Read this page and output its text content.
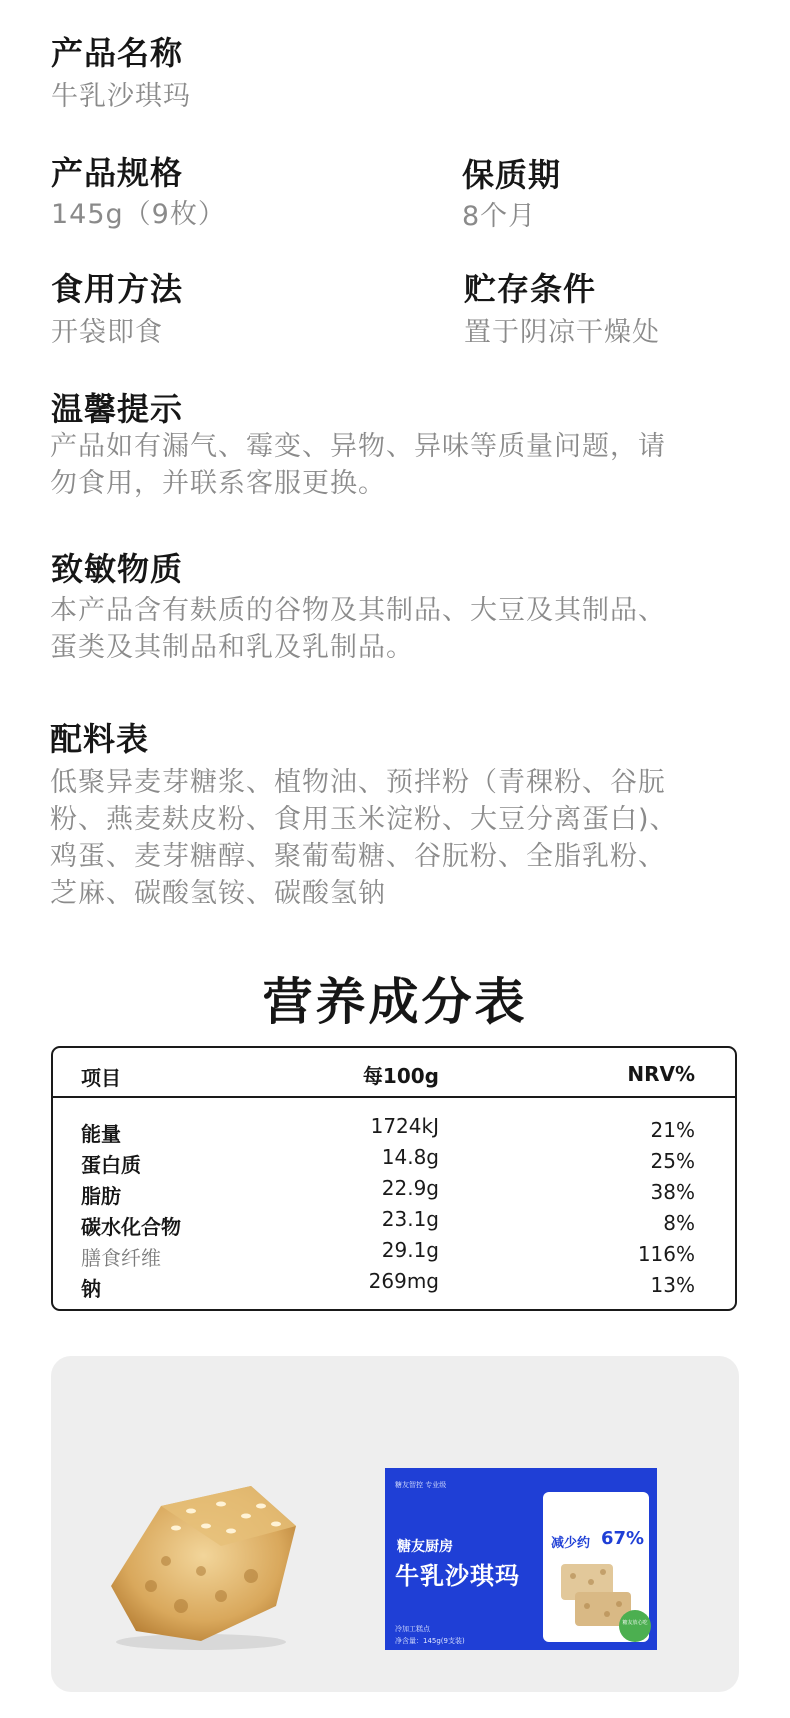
产品名称
牛乳沙琪玛
产品规格
145g（9枚）
保质期
8个月
食用方法
开袋即食
贮存条件
置于阴凉干燥处
温馨提示
产品如有漏气、霉变、异物、异味等质量问题，请
勿食用，并联系客服更换。
致敏物质
本产品含有麸质的谷物及其制品、大豆及其制品、
蛋类及其制品和乳及乳制品。
配料表
低聚异麦芽糖浆、植物油、预拌粉（青稞粉、谷朊
粉、燕麦麸皮粉、食用玉米淀粉、大豆分离蛋白)、
鸡蛋、麦芽糖醇、聚葡萄糖、谷朊粉、全脂乳粉、
芝麻、碳酸氢铵、碳酸氢钠
营养成分表
项目	每100g	NRV%
能量	1724kJ	21%
蛋白质	14.8g	25%
脂肪	22.9g	38%
碳水化合物	23.1g	8%
膳食纤维	29.1g	116%
钠	269mg	13%
糖友智控 专业级
糖友厨房
牛乳沙琪玛
冷加工糕点
净含量：145g(9支装)
减少约 67%
糖友放心吃
